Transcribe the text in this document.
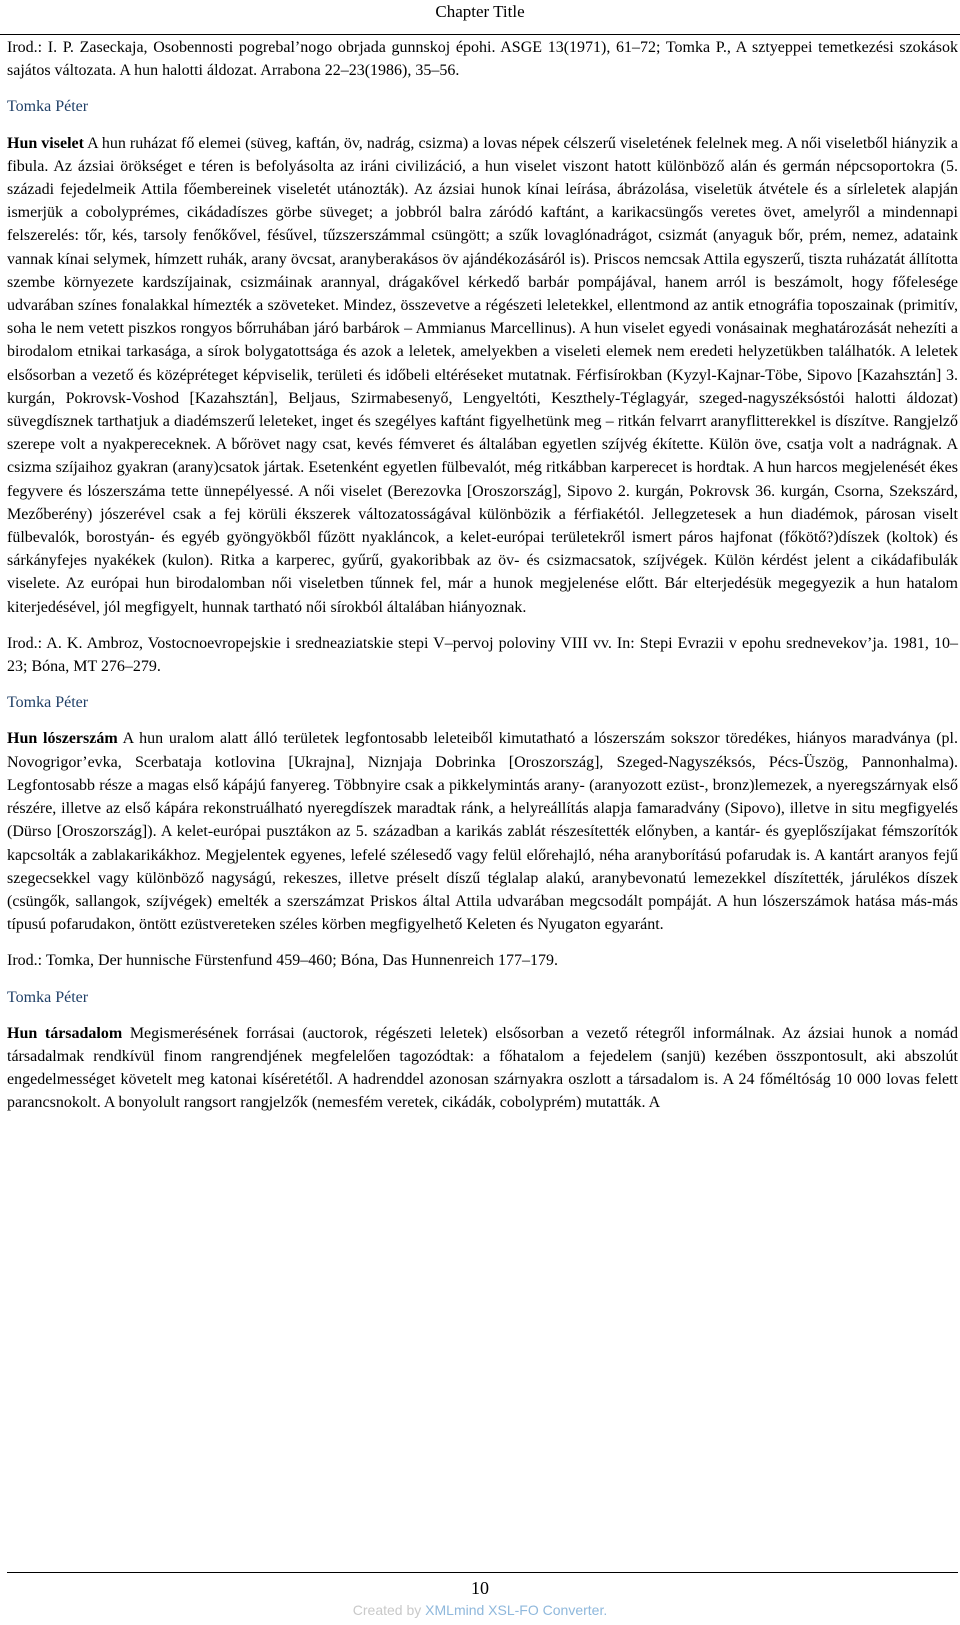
Chapter Title

Irod.: I. P. Zaseckaja, Osobennosti pogrebal’nogo obrjada gunnskoj épohi. ASGE 13(1971), 61–72; Tomka P., A sztyeppei temetkezési szokások sajátos változata. A hun halotti áldozat. Arrabona 22–23(1986), 35–56.

Tomka Péter

Hun viselet A hun ruházat fő elemei (süveg, kaftán, öv, nadrág, csizma) a lovas népek célszerű viseletének felelnek meg. A női viseletből hiányzik a fibula. Az ázsiai örökséget e téren is befolyásolta az iráni civilizáció, a hun viselet viszont hatott különböző alán és germán népcsoportokra (5. századi fejedelmeik Attila főembereinek viseletét utánozták). Az ázsiai hunok kínai leírása, ábrázolása, viseletük átvétele és a sírleletek alapján ismerjük a cobolyprémes, cikádadíszes görbe süveget; a jobbról balra záródó kaftánt, a karikacsüngős veretes övet, amelyről a mindennapi felszerelés: tőr, kés, tarsoly fenőkővel, fésűvel, tűzszerszámmal csüngött; a szűk lovaglónadrágot, csizmát (anyaguk bőr, prém, nemez, adataink vannak kínai selymek, hímzett ruhák, arany övcsat, aranyberakásos öv ajándékozásáról is). Priscos nemcsak Attila egyszerű, tiszta ruházatát állította szembe környezete kardszíjainak, csizmáinak arannyal, drágakővel kérkedő barbár pompájával, hanem arról is beszámolt, hogy főfelesége udvarában színes fonalakkal hímezték a szöveteket. Mindez, összevetve a régészeti leletekkel, ellentmond az antik etnográfia toposzainak (primitív, soha le nem vetett piszkos rongyos bőrruhában járó barbárok – Ammianus Marcellinus). A hun viselet egyedi vonásainak meghatározását nehezíti a birodalom etnikai tarkasága, a sírok bolygatottsága és azok a leletek, amelyekben a viseleti elemek nem eredeti helyzetükben találhatók. A leletek elsősorban a vezető és középréteget képviselik, területi és időbeli eltéréseket mutatnak. Férfisírokban (Kyzyl-Kajnar-Töbe, Sipovo [Kazahsztán] 3. kurgán, Pokrovsk-Voshod [Kazahsztán], Beljaus, Szirmabesenyő, Lengyeltóti, Keszthely-Téglagyár, szeged-nagyszéksóstói halotti áldozat) süvegdísznek tarthatjuk a diadémszerű leleteket, inget és szegélyes kaftánt figyelhetünk meg – ritkán felvarrt aranyflitterekkel is díszítve. Rangjelző szerepe volt a nyakpereceknek. A bőrövet nagy csat, kevés fémveret és általában egyetlen szíjvég ékítette. Külön öve, csatja volt a nadrágnak. A csizma szíjaihoz gyakran (arany)csatok jártak. Esetenként egyetlen fülbevalót, még ritkábban karperecet is hordtak. A hun harcos megjelenését ékes fegyvere és lószerszáma tette ünnepélyessé. A női viselet (Berezovka [Oroszország], Sipovo 2. kurgán, Pokrovsk 36. kurgán, Csorna, Szekszárd, Mezőberény) jószerével csak a fej körüli ékszerek változatosságával különbözik a férfiakétól. Jellegzetesek a hun diadémok, párosan viselt fülbevalók, borostyán- és egyéb gyöngyökből fűzött nyakláncok, a kelet-európai területekről ismert páros hajfonat (főkötő?)díszek (koltok) és sárkányfejes nyakékek (kulon). Ritka a karperec, gyűrű, gyakoribbak az öv- és csizmacsatok, szíjvégek. Külön kérdést jelent a cikádafibulák viselete. Az európai hun birodalomban női viseletben tűnnek fel, már a hunok megjelenése előtt. Bár elterjedésük megegyezik a hun hatalom kiterjedésével, jól megfigyelt, hunnak tartható női sírokból általában hiányoznak.

Irod.: A. K. Ambroz, Vostocnoevropejskie i sredneaziatskie stepi V–pervoj poloviny VIII vv. In: Stepi Evrazii v epohu srednevekov’ja. 1981, 10–23; Bóna, MT 276–279.

Tomka Péter

Hun lószerszám A hun uralom alatt álló területek legfontosabb leleteiből kimutatható a lószerszám sokszor töredékes, hiányos maradványa (pl. Novogrigor’evka, Scerbataja kotlovina [Ukrajna], Niznjaja Dobrinka [Oroszország], Szeged-Nagyszéksós, Pécs-Üszög, Pannonhalma). Legfontosabb része a magas első kápájú fanyereg. Többnyire csak a pikkelymintás arany- (aranyozott ezüst-, bronz)lemezek, a nyeregszárnyak első részére, illetve az első kápára rekonstruálható nyeregdíszek maradtak ránk, a helyreállítás alapja famaradvány (Sipovo), illetve in situ megfigyelés (Dürso [Oroszország]). A kelet-európai pusztákon az 5. században a karikás zablát részesítették előnyben, a kantár- és gyeplőszíjakat fémszorítók kapcsolták a zablakarikákhoz. Megjelentek egyenes, lefelé szélesedő vagy felül előrehajló, néha aranyborítású pofarudak is. A kantárt aranyos fejű szegecsekkel vagy különböző nagyságú, rekeszes, illetve préselt díszű téglalap alakú, aranybevonatú lemezekkel díszítették, járulékos díszek (csüngők, sallangok, szíjvégek) emelték a szerszámzat Priskos által Attila udvarában megcsodált pompáját. A hun lószerszámok hatása más-más típusú pofarudakon, öntött ezüstvereteken széles körben megfigyelhető Keleten és Nyugaton egyaránt.

Irod.: Tomka, Der hunnische Fürstenfund 459–460; Bóna, Das Hunnenreich 177–179.

Tomka Péter

Hun társadalom Megismerésének forrásai (auctorok, régészeti leletek) elsősorban a vezető rétegről informálnak. Az ázsiai hunok a nomád társadalmak rendkívül finom rangrendjének megfelelően tagozódtak: a főhatalom a fejedelem (sanjü) kezében összpontosult, aki abszolút engedelmességet követelt meg katonai kíséretétől. A hadrenddel azonosan szárnyakra oszlott a társadalom is. A 24 főméltóság 10 000 lovas felett parancsnokolt. A bonyolult rangsort rangjelzők (nemesfém veretek, cikádák, cobolyprém) mutatták. A

10
Created by XMLmind XSL-FO Converter.
